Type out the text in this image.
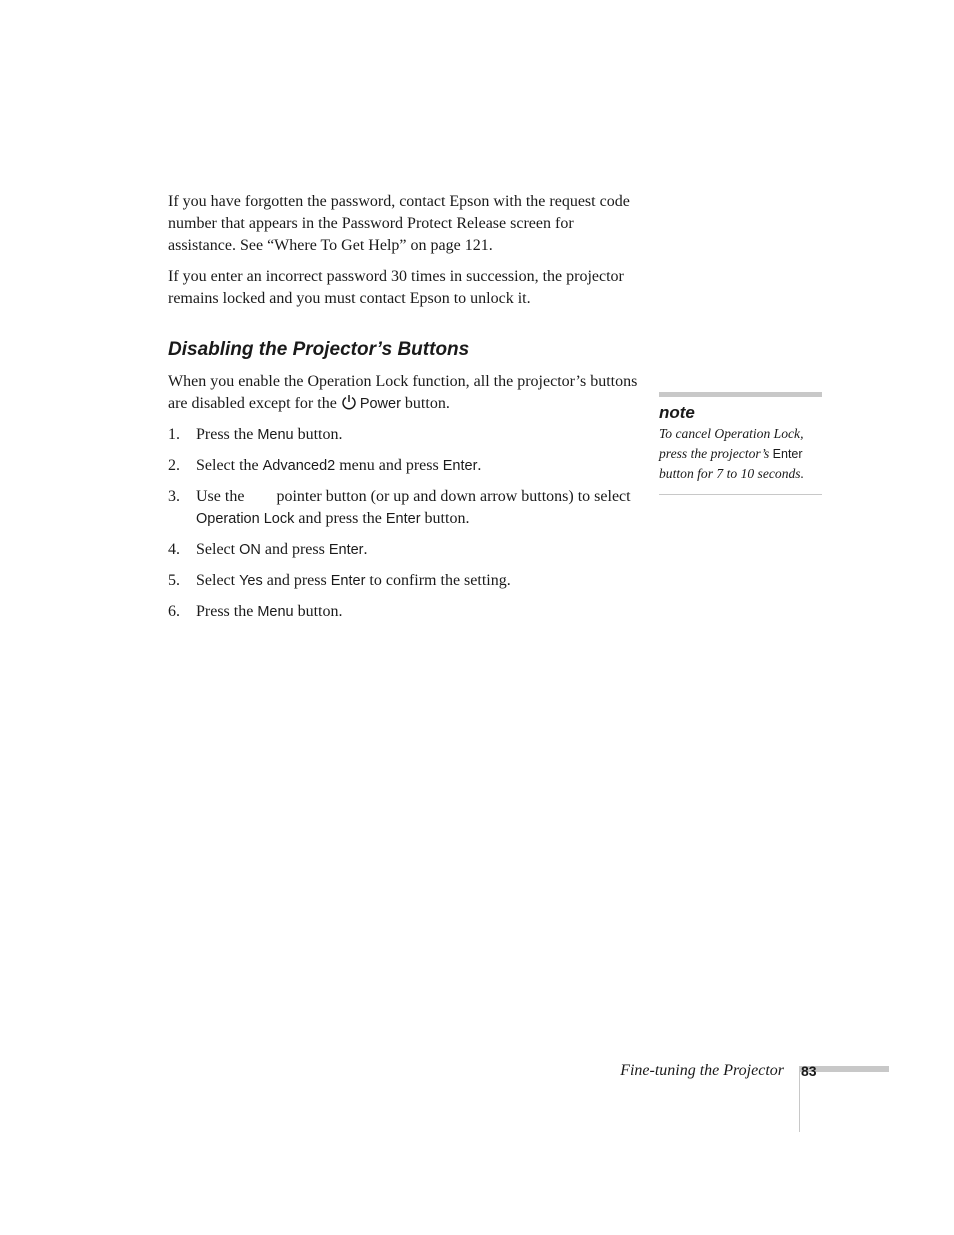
If you have forgotten the password, contact Epson with the request code number that appears in the Password Protect Release screen for assistance. See “Where To Get Help” on page 121.

If you enter an incorrect password 30 times in succession, the projector remains locked and you must contact Epson to unlock it.

Disabling the Projector’s Buttons

When you enable the Operation Lock function, all the projector’s buttons are disabled except for the Power button.

1. Press the Menu button.
2. Select the Advanced2 menu and press Enter.
3. Use the  pointer button (or up and down arrow buttons) to select Operation Lock and press the Enter button.
4. Select ON and press Enter.
5. Select Yes and press Enter to confirm the setting.
6. Press the Menu button.

note

To cancel Operation Lock, press the projector’s Enter button for 7 to 10 seconds.

Fine-tuning the Projector 83
